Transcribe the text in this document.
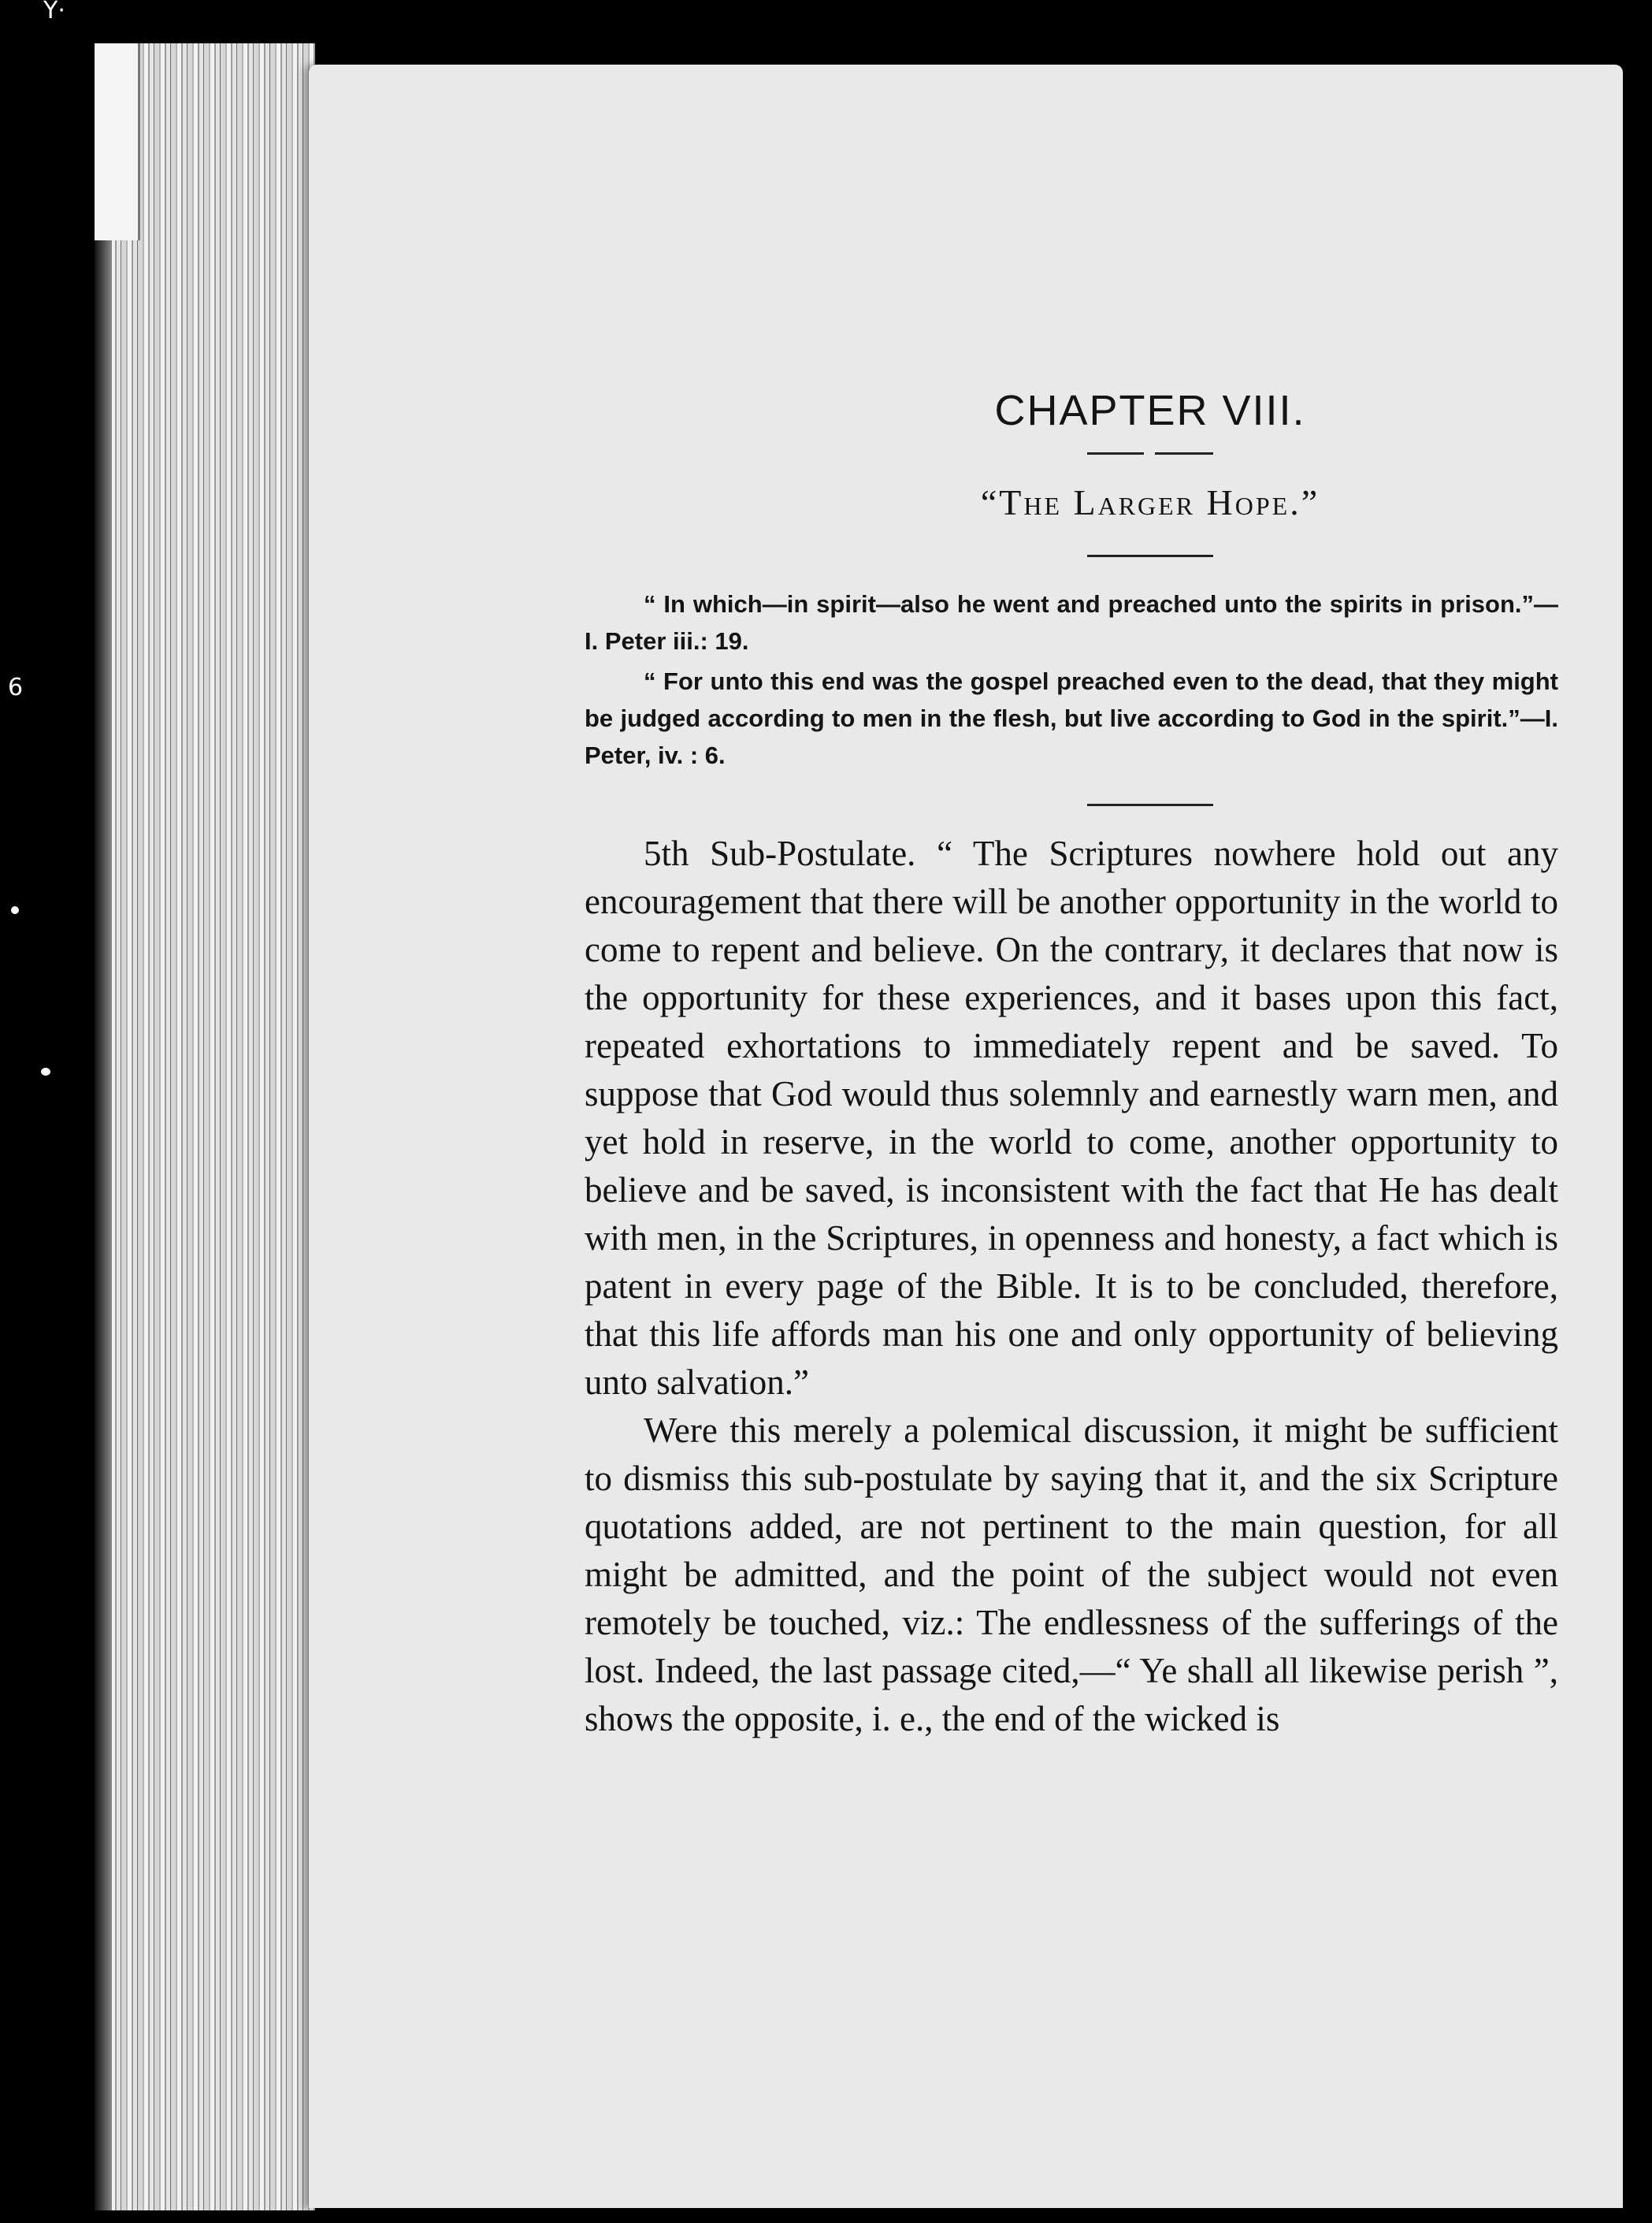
Y·
6
CHAPTER VIII.
“The Larger Hope.”

“ In which—in spirit—also he went and preached unto the spirits in prison.”—I. Peter iii.: 19.

“ For unto this end was the gospel preached even to the dead, that they might be judged according to men in the flesh, but live according to God in the spirit.”—I. Peter, iv. : 6.

5th Sub-Postulate. “ The Scriptures nowhere hold out any encouragement that there will be another opportunity in the world to come to repent and believe. On the contrary, it declares that now is the opportunity for these experiences, and it bases upon this fact, repeated exhortations to immediately repent and be saved. To suppose that God would thus solemnly and earnestly warn men, and yet hold in reserve, in the world to come, another opportunity to believe and be saved, is inconsistent with the fact that He has dealt with men, in the Scriptures, in openness and honesty, a fact which is patent in every page of the Bible. It is to be concluded, therefore, that this life affords man his one and only opportunity of believing unto salvation.”

Were this merely a polemical discussion, it might be sufficient to dismiss this sub-postulate by saying that it, and the six Scripture quotations added, are not pertinent to the main question, for all might be admitted, and the point of the subject would not even remotely be touched, viz.: The endlessness of the sufferings of the lost. Indeed, the last passage cited,—“ Ye shall all likewise perish ”, shows the opposite, i. e., the end of the wicked is
